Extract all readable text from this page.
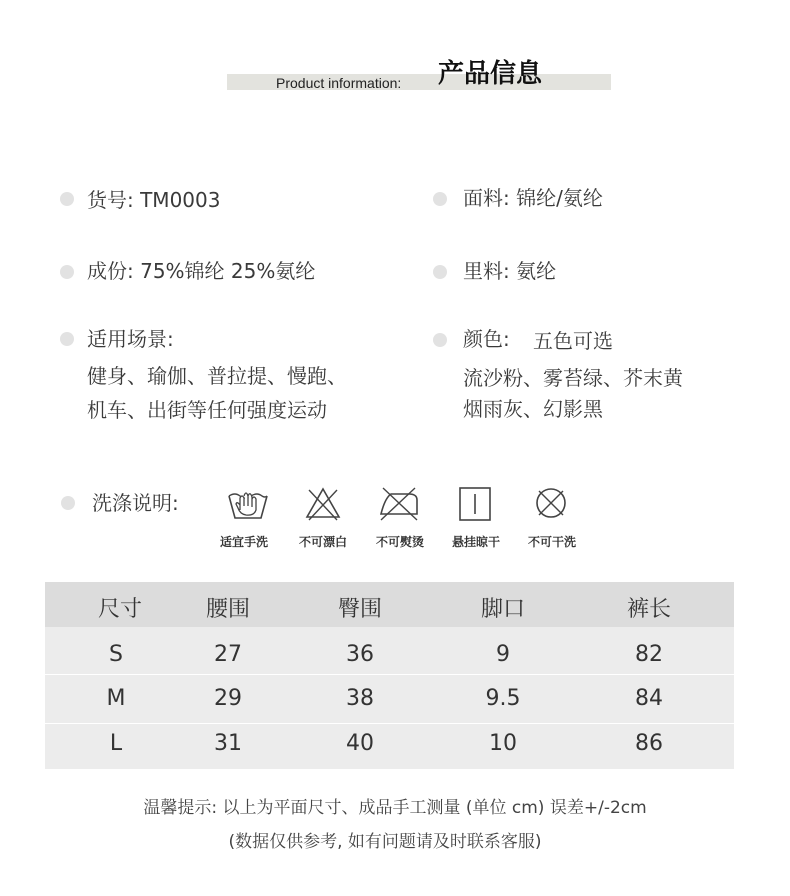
Product information: 产品信息
货号: TM0003	面料: 锦纶/氨纶
成份: 75%锦纶 25%氨纶	里料: 氨纶
适用场景:
健身、瑜伽、普拉提、慢跑、
机车、出街等任何强度运动
颜色: 五色可选
流沙粉、雾苔绿、芥末黄
烟雨灰、幻影黑
洗涤说明:
适宜手洗	不可漂白	不可熨烫	悬挂晾干	不可干洗
尺寸	腰围	臀围	脚口	裤长
S	27	36	9	82
M	29	38	9.5	84
L	31	40	10	86
温馨提示: 以上为平面尺寸、成品手工测量 (单位 cm) 误差+/-2cm
(数据仅供参考, 如有问题请及时联系客服)
